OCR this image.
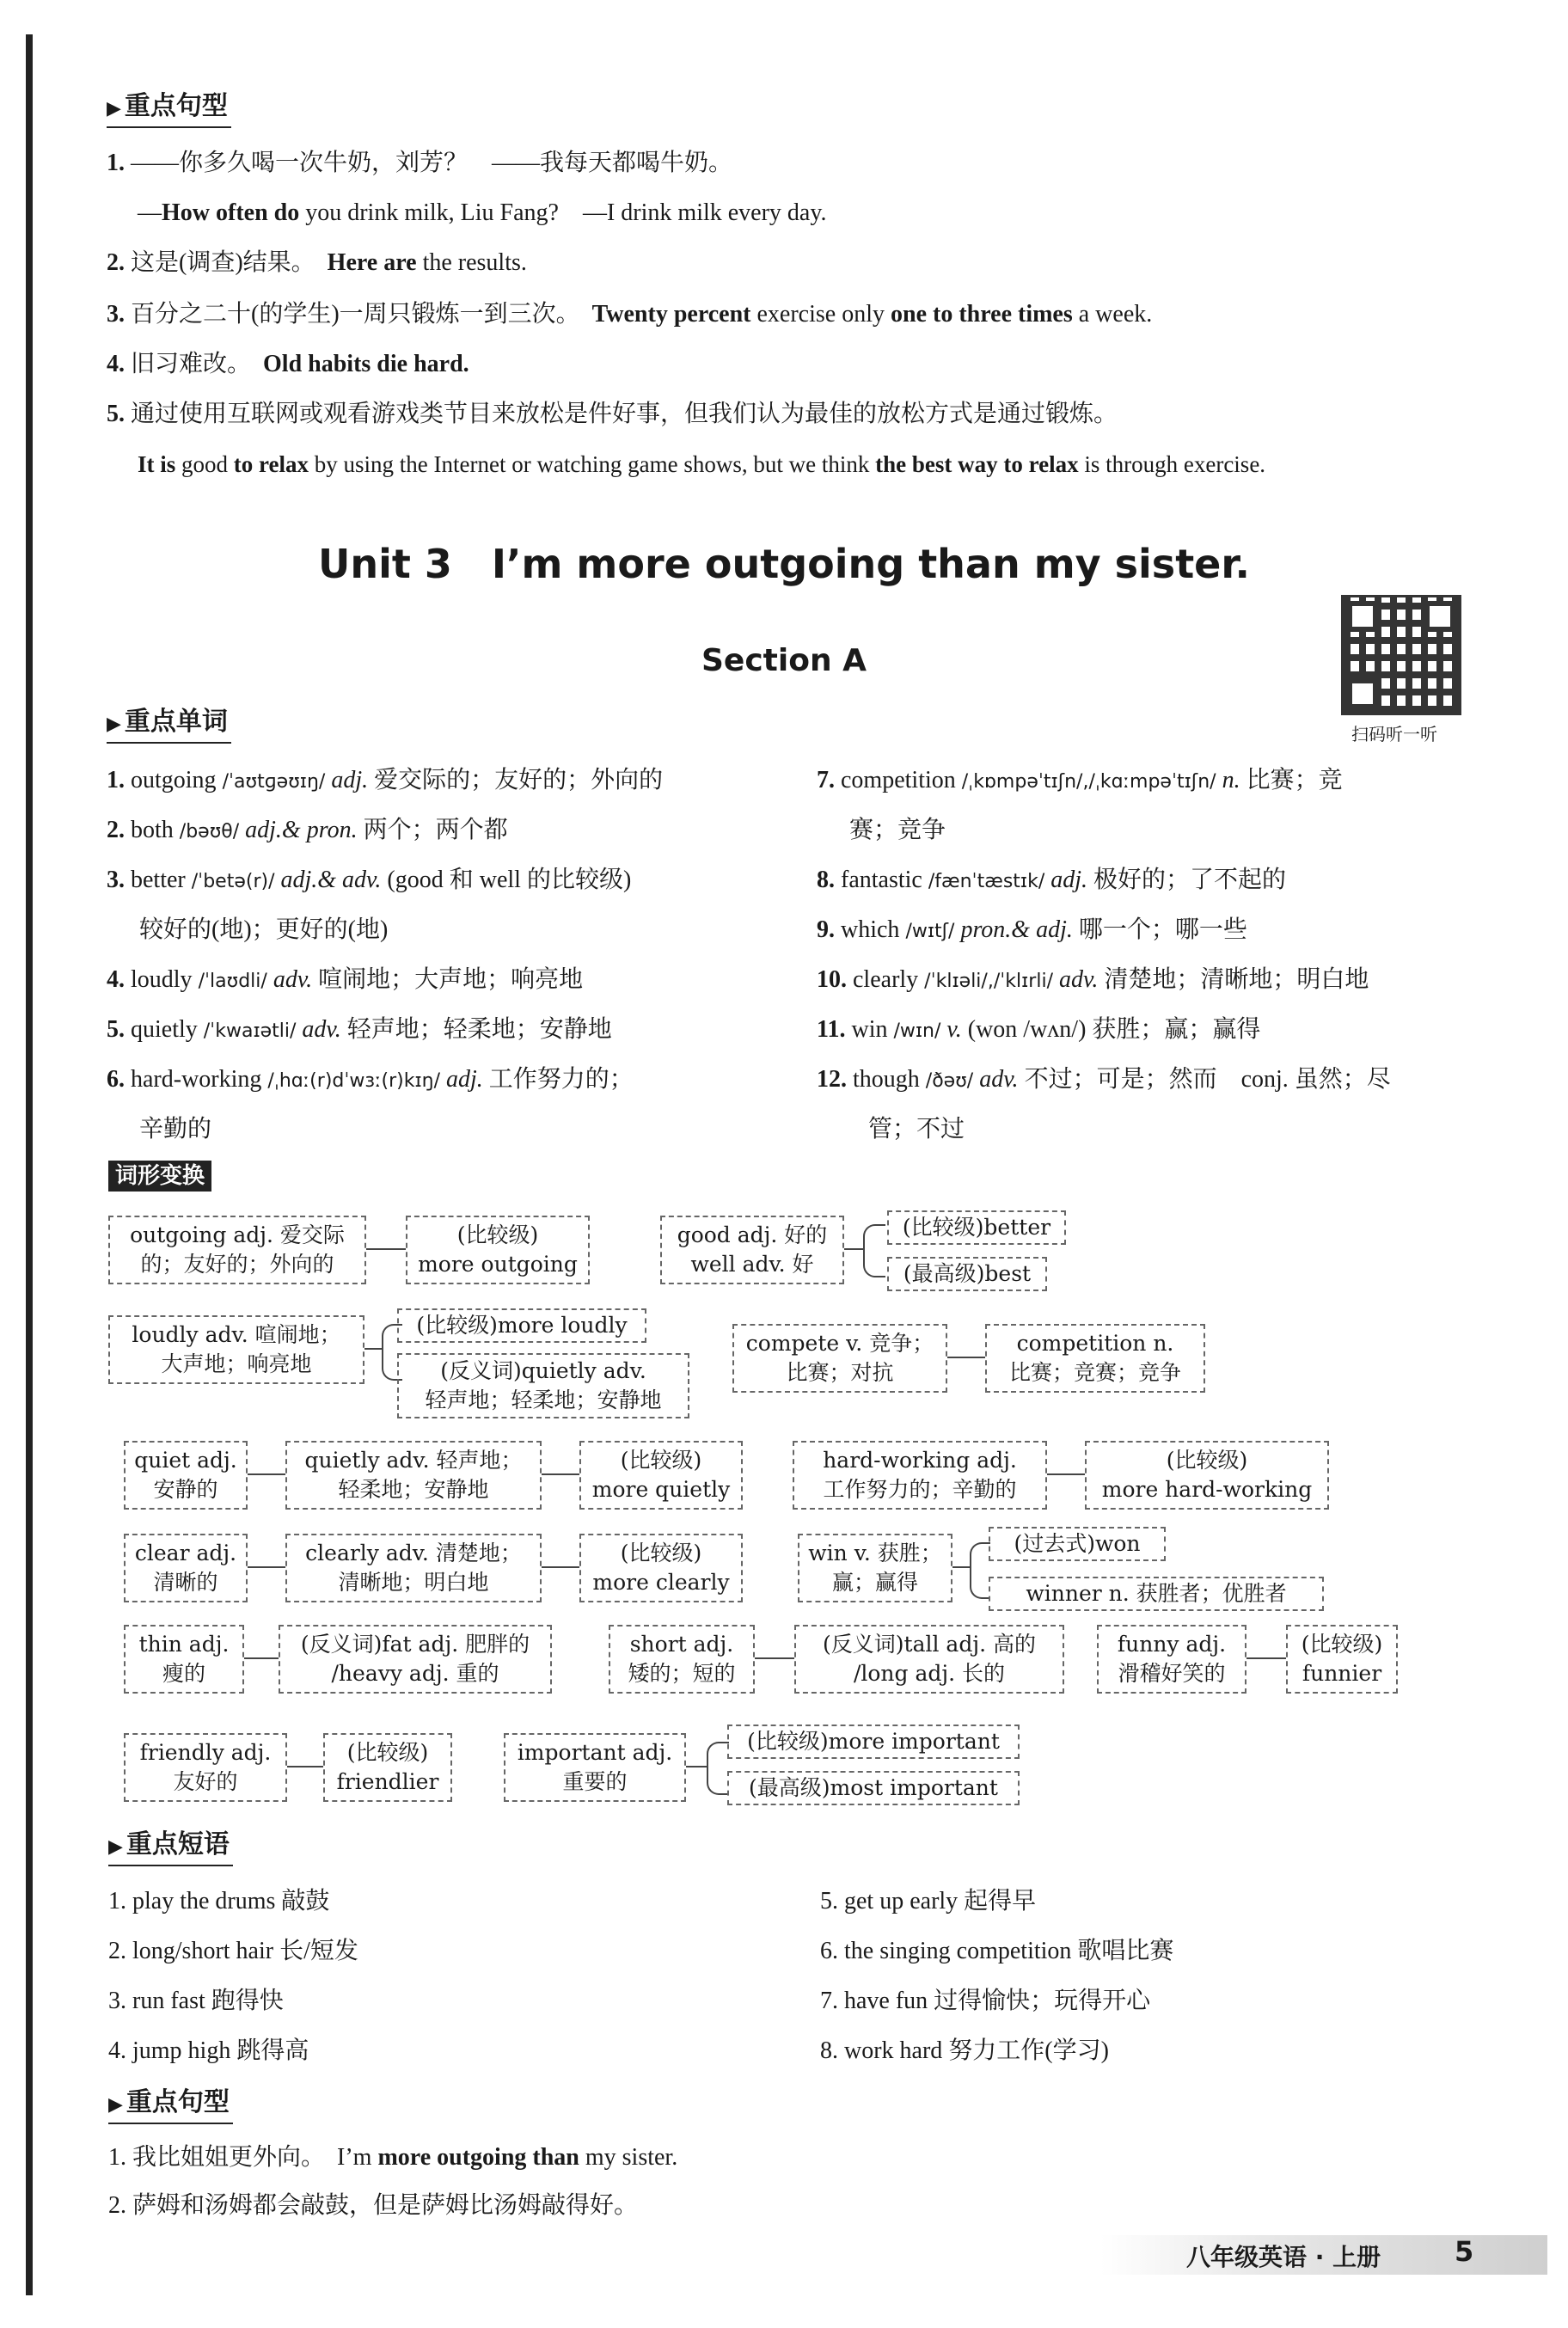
▶ 重点句型
1. ——你多久喝一次牛奶，刘芳？　——我每天都喝牛奶。
—How often do you drink milk, Liu Fang?　—I drink milk every day.
2. 这是(调查)结果。　 Here are the results.
3. 百分之二十(的学生)一周只锻炼一到三次。　 Twenty percent exercise only one to three times a week.
4. 旧习难改。　 Old habits die hard.
5. 通过使用互联网或观看游戏类节目来放松是件好事，但我们认为最佳的放松方式是通过锻炼。
It is good to relax by using the Internet or watching game shows, but we think the best way to relax is through exercise.
Unit 3　I’m more outgoing than my sister.
扫码听一听
Section A
▶ 重点单词
1. outgoing /ˈaʊtɡəʊɪŋ/ adj. 爱交际的；友好的；外向的
2. both /bəʊθ/ adj.& pron. 两个；两个都
3. better /ˈbetə(r)/ adj.& adv. (good 和 well 的比较级)
较好的(地)；更好的(地)
4. loudly /ˈlaʊdli/ adv. 喧闹地；大声地；响亮地
5. quietly /ˈkwaɪətli/ adv. 轻声地；轻柔地；安静地
6. hard-working /ˌhɑː(r)dˈwɜː(r)kɪŋ/ adj. 工作努力的；
辛勤的
7. competition /ˌkɒmpəˈtɪʃn/,/ˌkɑːmpəˈtɪʃn/ n. 比赛；竞
赛；竞争
8. fantastic /fænˈtæstɪk/ adj. 极好的；了不起的
9. which /wɪtʃ/ pron.& adj. 哪一个；哪一些
10. clearly /ˈklɪəli/,/ˈklɪrli/ adv. 清楚地；清晰地；明白地
11. win /wɪn/ v. (won /wʌn/) 获胜；赢；赢得
12. though /ðəʊ/ adv. 不过；可是；然而　conj. 虽然；尽
管；不过
词形变换
outgoing adj. 爱交际
的；友好的；外向的
(比较级)
more outgoing
good adj. 好的
well adv. 好
(比较级)better
(最高级)best
loudly adv. 喧闹地；
大声地；响亮地
(比较级)more loudly
(反义词)quietly adv.
轻声地；轻柔地；安静地
compete v. 竞争；
比赛；对抗
competition n.
比赛；竞赛；竞争
quiet adj.
安静的
quietly adv. 轻声地；
轻柔地；安静地
(比较级)
more quietly
hard-working adj.
工作努力的；辛勤的
(比较级)
more hard-working
clear adj.
清晰的
clearly adv. 清楚地；
清晰地；明白地
(比较级)
more clearly
win v. 获胜；
赢；赢得
(过去式)won
winner n. 获胜者；优胜者
thin adj.
瘦的
(反义词)fat adj. 肥胖的
/heavy adj. 重的
short adj.
矮的；短的
(反义词)tall adj. 高的
/long adj. 长的
funny adj.
滑稽好笑的
(比较级)
funnier
friendly adj.
友好的
(比较级)
friendlier
important adj.
重要的
(比较级)more important
(最高级)most important
▶ 重点短语
1. play the drums 敲鼓
2. long/short hair 长/短发
3. run fast 跑得快
4. jump high 跳得高
5. get up early 起得早
6. the singing competition 歌唱比赛
7. have fun 过得愉快；玩得开心
8. work hard 努力工作(学习)
▶ 重点句型
1. 我比姐姐更外向。　 I’m more outgoing than my sister.
2. 萨姆和汤姆都会敲鼓，但是萨姆比汤姆敲得好。
八年级英语 · 上册	5
